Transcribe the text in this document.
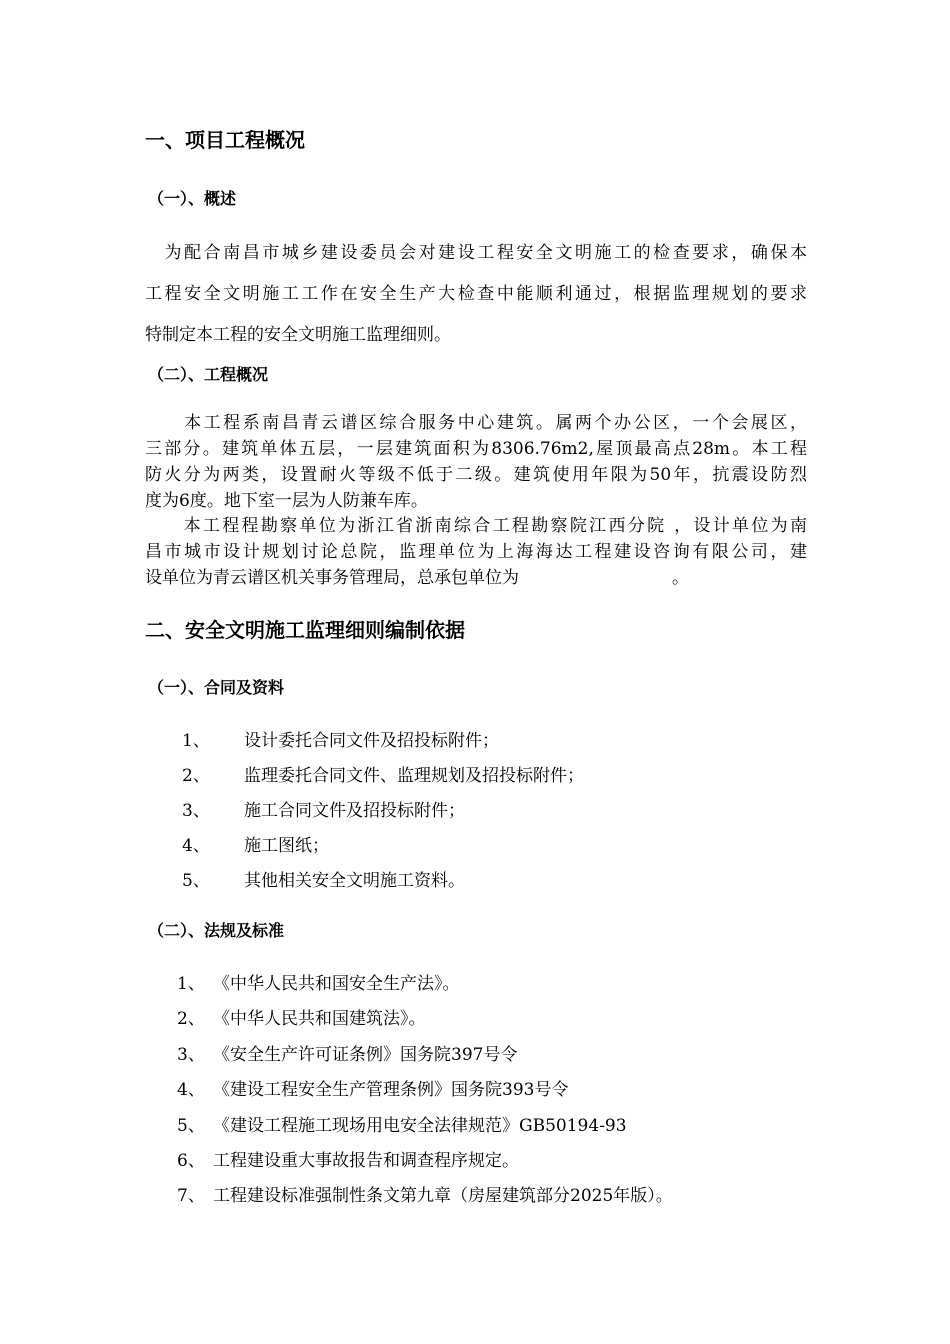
一、项目工程概况
（一）、概述
　为配合南昌市城乡建设委员会对建设工程安全文明施工的检查要求，确保本
工程安全文明施工工作在安全生产大检查中能顺利通过，根据监理规划的要求
特制定本工程的安全文明施工监理细则。
（二）、工程概况
　　本工程系南昌青云谱区综合服务中心建筑。属两个办公区，一个会展区，
三部分。建筑单体五层，一层建筑面积为8306.76m2,屋顶最高点28m。本工程
防火分为两类，设置耐火等级不低于二级。建筑使用年限为50年，抗震设防烈
度为6度。地下室一层为人防兼车库。
　　本工程程勘察单位为浙江省浙南综合工程勘察院江西分院 ，设计单位为南
昌市城市设计规划讨论总院，监理单位为上海海达工程建设咨询有限公司，建
设单位为青云谱区机关事务管理局，总承包单位为　　　　　　　　　。
二、安全文明施工监理细则编制依据
（一）、合同及资料
1、 设计委托合同文件及招投标附件；
2、 监理委托合同文件、监理规划及招投标附件；
3、 施工合同文件及招投标附件；
4、 施工图纸；
5、 其他相关安全文明施工资料。
（二）、法规及标准
1、 《中华人民共和国安全生产法》。
2、 《中华人民共和国建筑法》。
3、 《安全生产许可证条例》国务院397号令
4、 《建设工程安全生产管理条例》国务院393号令
5、 《建设工程施工现场用电安全法律规范》GB50194-93
6、 工程建设重大事故报告和调查程序规定。
7、 工程建设标准强制性条文第九章（房屋建筑部分2025年版）。
